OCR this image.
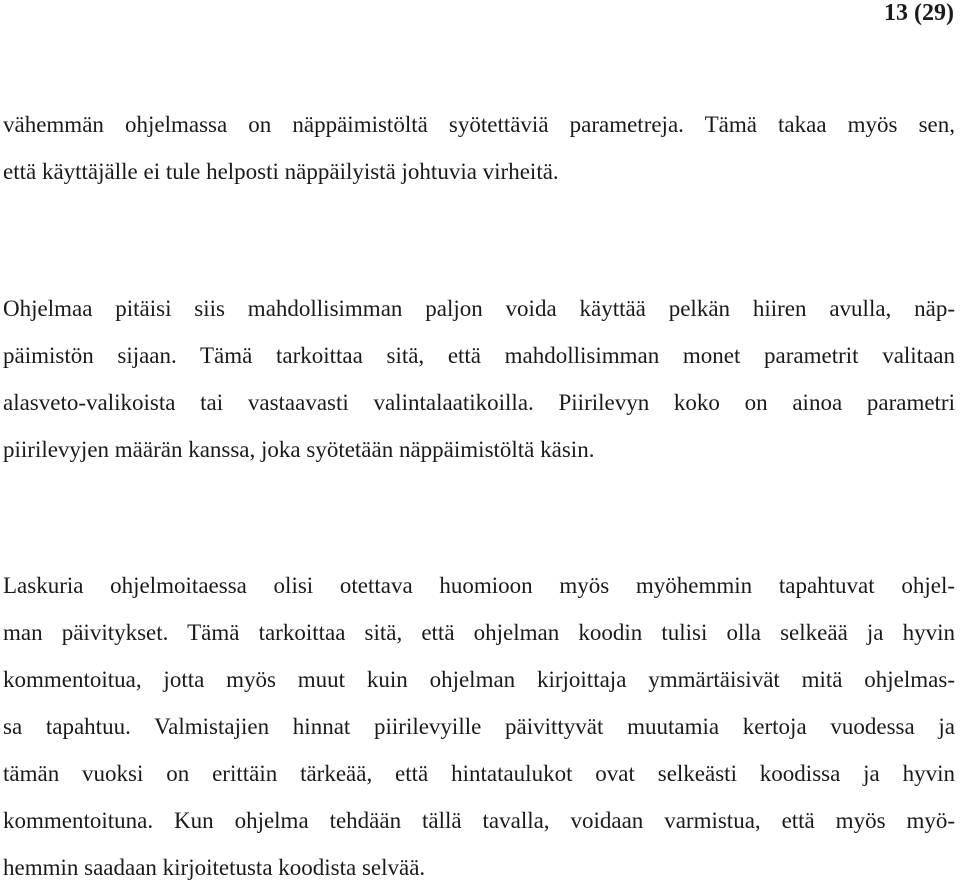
13 (29)
vähemmän ohjelmassa on näppäimistöltä syötettäviä parametreja. Tämä takaa myös sen,
että käyttäjälle ei tule helposti näppäilyistä johtuvia virheitä.
Ohjelmaa pitäisi siis mahdollisimman paljon voida käyttää pelkän hiiren avulla, näp-
päimistön sijaan. Tämä tarkoittaa sitä, että mahdollisimman monet parametrit valitaan
alasveto-valikoista tai vastaavasti valintalaatikoilla. Piirilevyn koko on ainoa parametri
piirilevyjen määrän kanssa, joka syötetään näppäimistöltä käsin.
Laskuria ohjelmoitaessa olisi otettava huomioon myös myöhemmin tapahtuvat ohjel-
man päivitykset. Tämä tarkoittaa sitä, että ohjelman koodin tulisi olla selkeää ja hyvin
kommentoitua, jotta myös muut kuin ohjelman kirjoittaja ymmärtäisivät mitä ohjelmas-
sa tapahtuu. Valmistajien hinnat piirilevyille päivittyvät muutamia kertoja vuodessa ja
tämän vuoksi on erittäin tärkeää, että hintataulukot ovat selkeästi koodissa ja hyvin
kommentoituna. Kun ohjelma tehdään tällä tavalla, voidaan varmistua, että myös myö-
hemmin saadaan kirjoitetusta koodista selvää.
